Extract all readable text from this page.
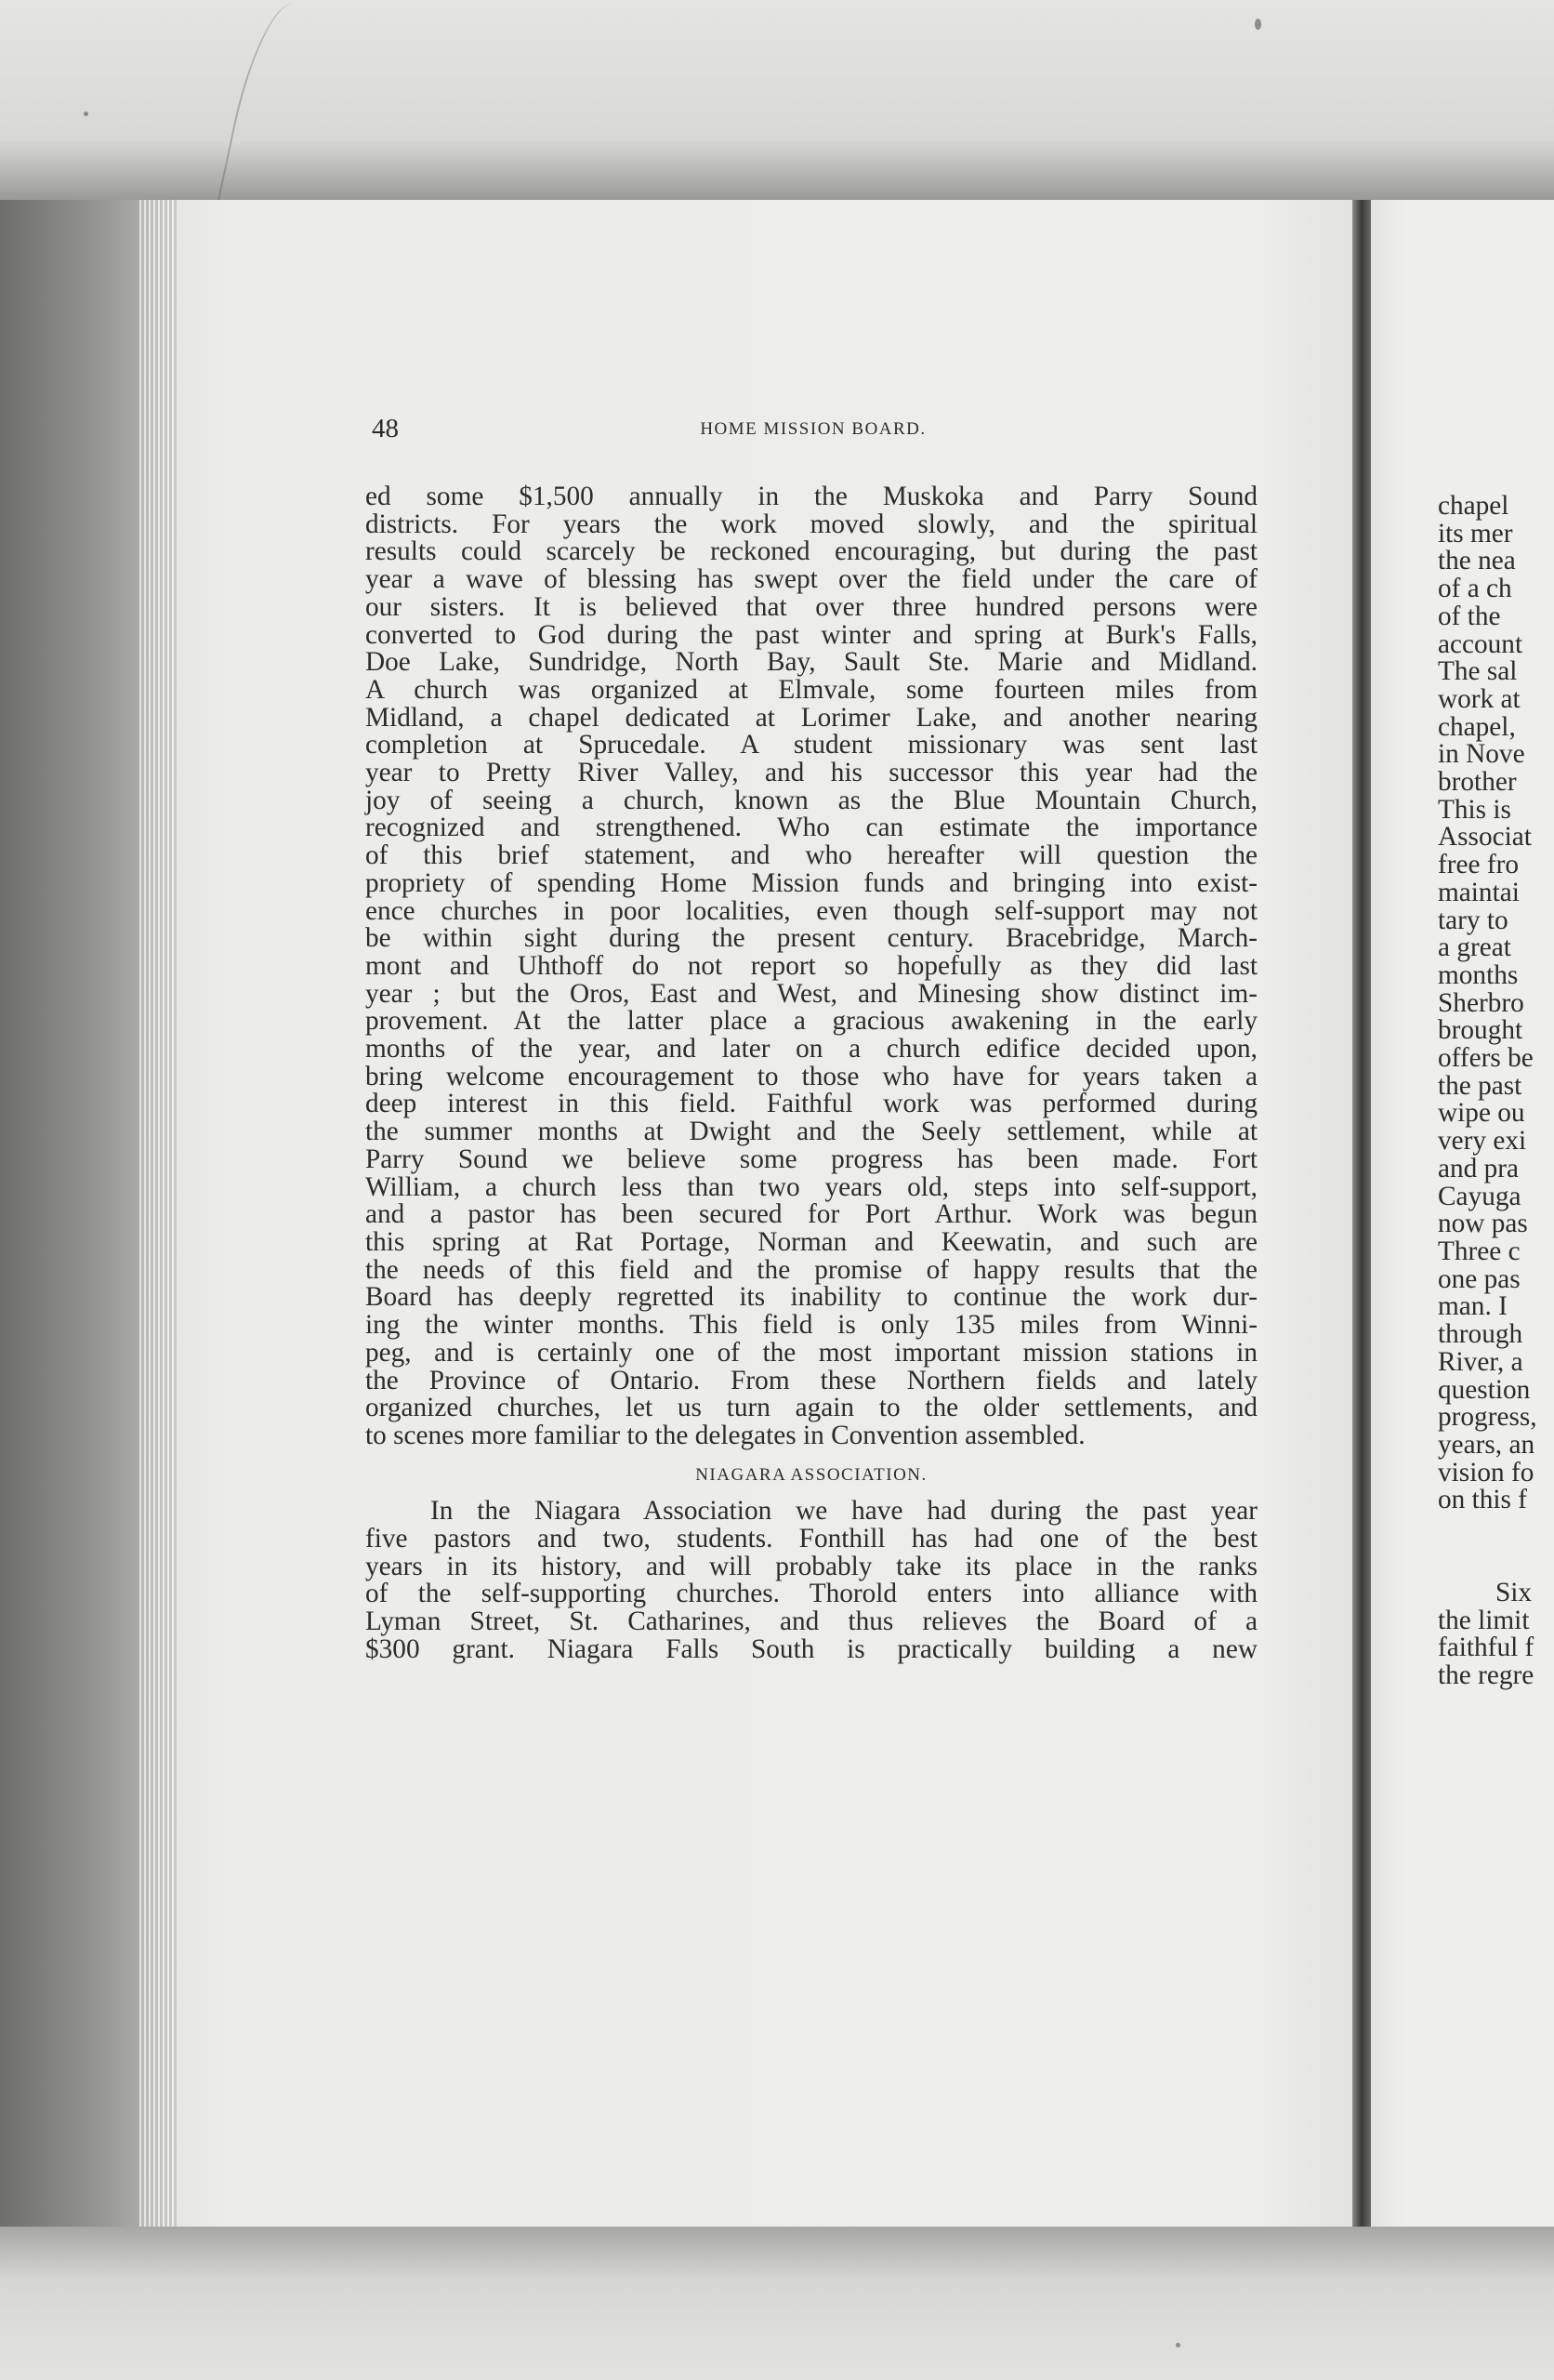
48	HOME MISSION BOARD.
ed some $1,500 annually in the Muskoka and Parry Sound
districts. For years the work moved slowly, and the spiritual
results could scarcely be reckoned encouraging, but during the past
year a wave of blessing has swept over the field under the care of
our sisters. It is believed that over three hundred persons were
converted to God during the past winter and spring at Burk's Falls,
Doe Lake, Sundridge, North Bay, Sault Ste. Marie and Midland.
A church was organized at Elmvale, some fourteen miles from
Midland, a chapel dedicated at Lorimer Lake, and another nearing
completion at Sprucedale. A student missionary was sent last
year to Pretty River Valley, and his successor this year had the
joy of seeing a church, known as the Blue Mountain Church,
recognized and strengthened. Who can estimate the importance
of this brief statement, and who hereafter will question the
propriety of spending Home Mission funds and bringing into exist-
ence churches in poor localities, even though self-support may not
be within sight during the present century. Bracebridge, March-
mont and Uhthoff do not report so hopefully as they did last
year ; but the Oros, East and West, and Minesing show distinct im-
provement. At the latter place a gracious awakening in the early
months of the year, and later on a church edifice decided upon,
bring welcome encouragement to those who have for years taken a
deep interest in this field. Faithful work was performed during
the summer months at Dwight and the Seely settlement, while at
Parry Sound we believe some progress has been made. Fort
William, a church less than two years old, steps into self-support,
and a pastor has been secured for Port Arthur. Work was begun
this spring at Rat Portage, Norman and Keewatin, and such are
the needs of this field and the promise of happy results that the
Board has deeply regretted its inability to continue the work dur-
ing the winter months. This field is only 135 miles from Winni-
peg, and is certainly one of the most important mission stations in
the Province of Ontario. From these Northern fields and lately
organized churches, let us turn again to the older settlements, and
to scenes more familiar to the delegates in Convention assembled.
NIAGARA ASSOCIATION.
In the Niagara Association we have had during the past year
five pastors and two, students. Fonthill has had one of the best
years in its history, and will probably take its place in the ranks
of the self-supporting churches. Thorold enters into alliance with
Lyman Street, St. Catharines, and thus relieves the Board of a
$300 grant. Niagara Falls South is practically building a new
chapel
its mer
the nea
of a ch
of the
account
The sal
work at
chapel,
in Nove
brother
This is
Associat
free fro
maintai
tary to
a great
months
Sherbro
brought
offers be
the past
wipe ou
very exi
and pra
Cayuga
now pas
Three c
one pas
man. I
through
River, a
question
progress,
years, an
vision fo
on this f
Six
the limit
faithful f
the regre
